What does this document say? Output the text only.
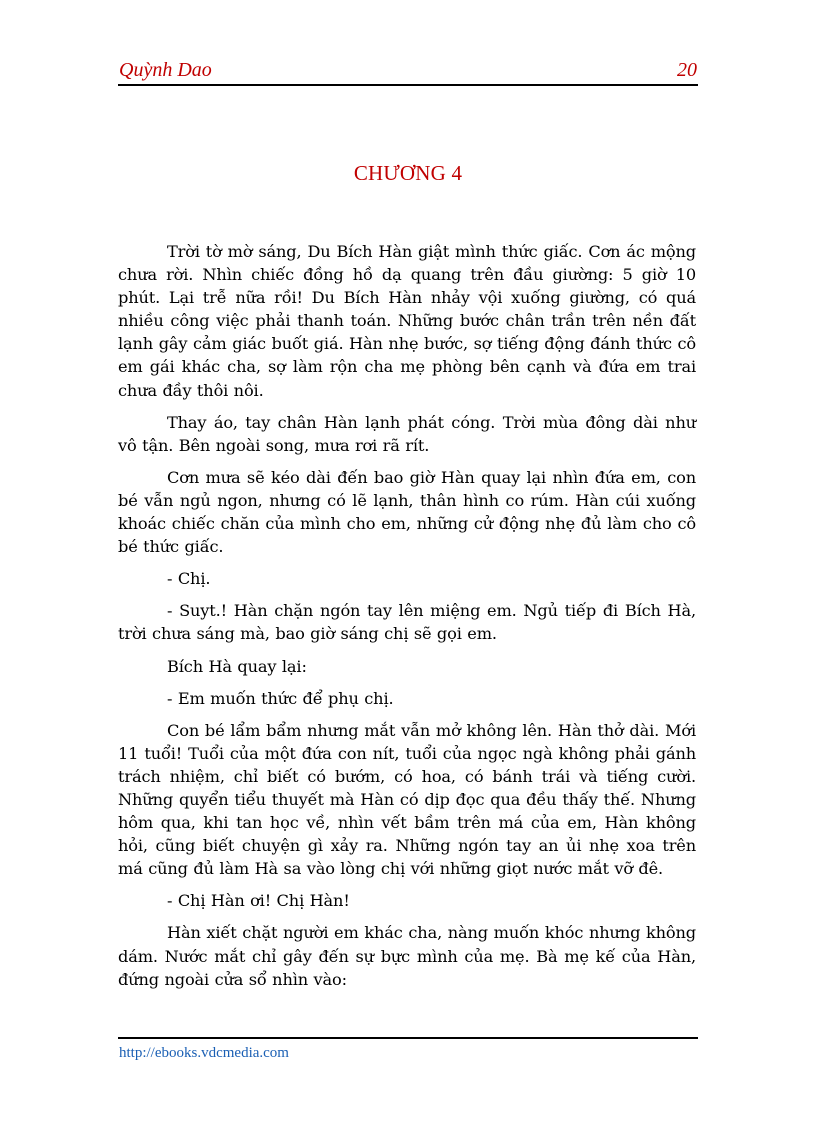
Quỳnh Dao	20
CHƯƠNG 4

Trời tờ mờ sáng, Du Bích Hàn giật mình thức giấc. Cơn ác mộng chưa rời. Nhìn chiếc đồng hồ dạ quang trên đầu giường: 5 giờ 10 phút. Lại trễ nữa rồi! Du Bích Hàn nhảy vội xuống giường, có quá nhiều công việc phải thanh toán. Những bước chân trần trên nền đất lạnh gây cảm giác buốt giá. Hàn nhẹ bước, sợ tiếng động đánh thức cô em gái khác cha, sợ làm rộn cha mẹ phòng bên cạnh và đứa em trai chưa đầy thôi nôi.

Thay áo, tay chân Hàn lạnh phát cóng. Trời mùa đông dài như vô tận. Bên ngoài song, mưa rơi rã rít.

Cơn mưa sẽ kéo dài đến bao giờ Hàn quay lại nhìn đứa em, con bé vẫn ngủ ngon, nhưng có lẽ lạnh, thân hình co rúm. Hàn cúi xuống khoác chiếc chăn của mình cho em, những cử động nhẹ đủ làm cho cô bé thức giấc.

- Chị.

- Suyt.! Hàn chặn ngón tay lên miệng em. Ngủ tiếp đi Bích Hà, trời chưa sáng mà, bao giờ sáng chị sẽ gọi em.

Bích Hà quay lại:

- Em muốn thức để phụ chị.

Con bé lẩm bẩm nhưng mắt vẫn mở không lên. Hàn thở dài. Mới 11 tuổi! Tuổi của một đứa con nít, tuổi của ngọc ngà không phải gánh trách nhiệm, chỉ biết có bướm, có hoa, có bánh trái và tiếng cười. Những quyển tiểu thuyết mà Hàn có dịp đọc qua đều thấy thế. Nhưng hôm qua, khi tan học về, nhìn vết bầm trên má của em, Hàn không hỏi, cũng biết chuyện gì xảy ra. Những ngón tay an ủi nhẹ xoa trên má cũng đủ làm Hà sa vào lòng chị với những giọt nước mắt vỡ đê.

- Chị Hàn ơi! Chị Hàn!

Hàn xiết chặt người em khác cha, nàng muốn khóc nhưng không dám. Nước mắt chỉ gây đến sự bực mình của mẹ. Bà mẹ kế của Hàn, đứng ngoài cửa sổ nhìn vào:

http://ebooks.vdcmedia.com
